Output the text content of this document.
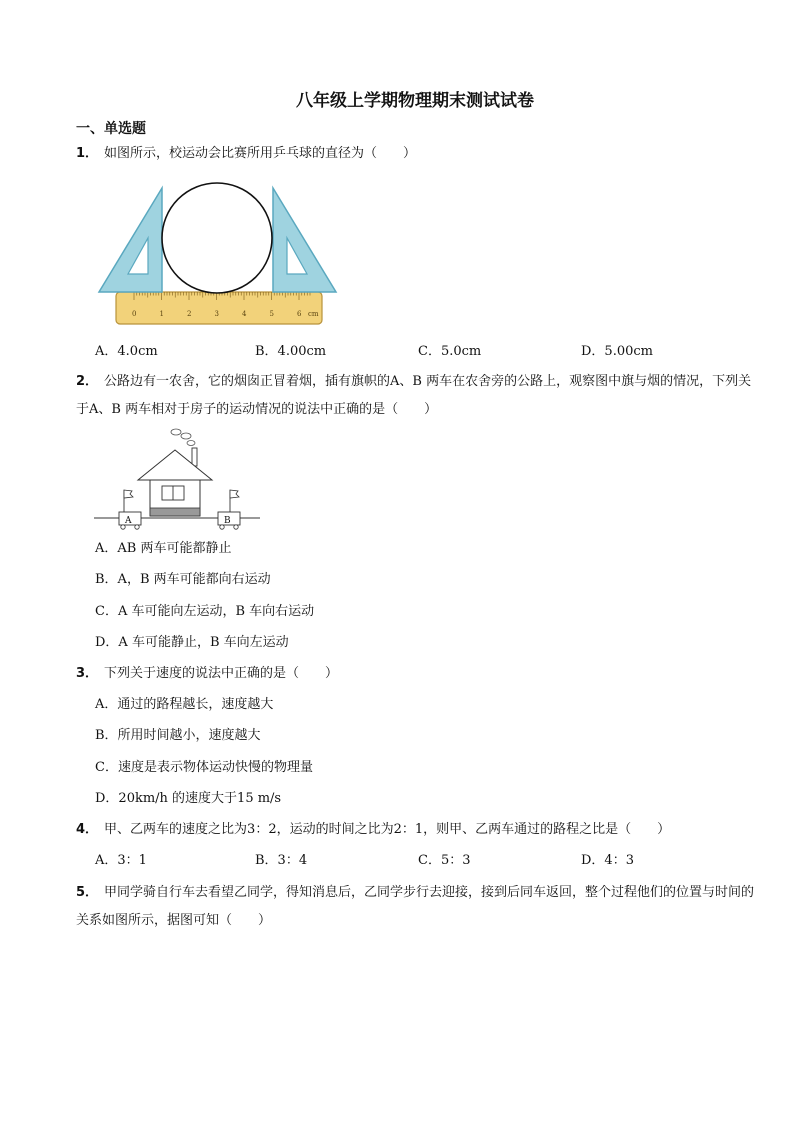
八年级上学期物理期末测试试卷
一、单选题
1． 如图所示，校运动会比赛所用乒乓球的直径为（　　）
0	1	2	3	4	5	6 cm
A．4.0cm	B．4.00cm	C．5.0cm	D．5.00cm
2． 公路边有一农舍，它的烟囱正冒着烟，插有旗帜的A、B 两车在农舍旁的公路上，观察图中旗与烟的情况，下列关于A、B 两车相对于房子的运动情况的说法中正确的是（　　）
A	B
A．AB 两车可能都静止
B．A，B 两车可能都向右运动
C．A 车可能向左运动，B 车向右运动
D．A 车可能静止，B 车向左运动
3． 下列关于速度的说法中正确的是（　　）
A．通过的路程越长，速度越大
B．所用时间越小，速度越大
C．速度是表示物体运动快慢的物理量
D．20km/h 的速度大于15 m/s
4． 甲、乙两车的速度之比为3：2，运动的时间之比为2：1，则甲、乙两车通过的路程之比是（　　）
A．3：1	B．3：4	C．5：3	D．4：3
5． 甲同学骑自行车去看望乙同学，得知消息后，乙同学步行去迎接，接到后同车返回，整个过程他们的位置与时间的关系如图所示，据图可知（　　）
